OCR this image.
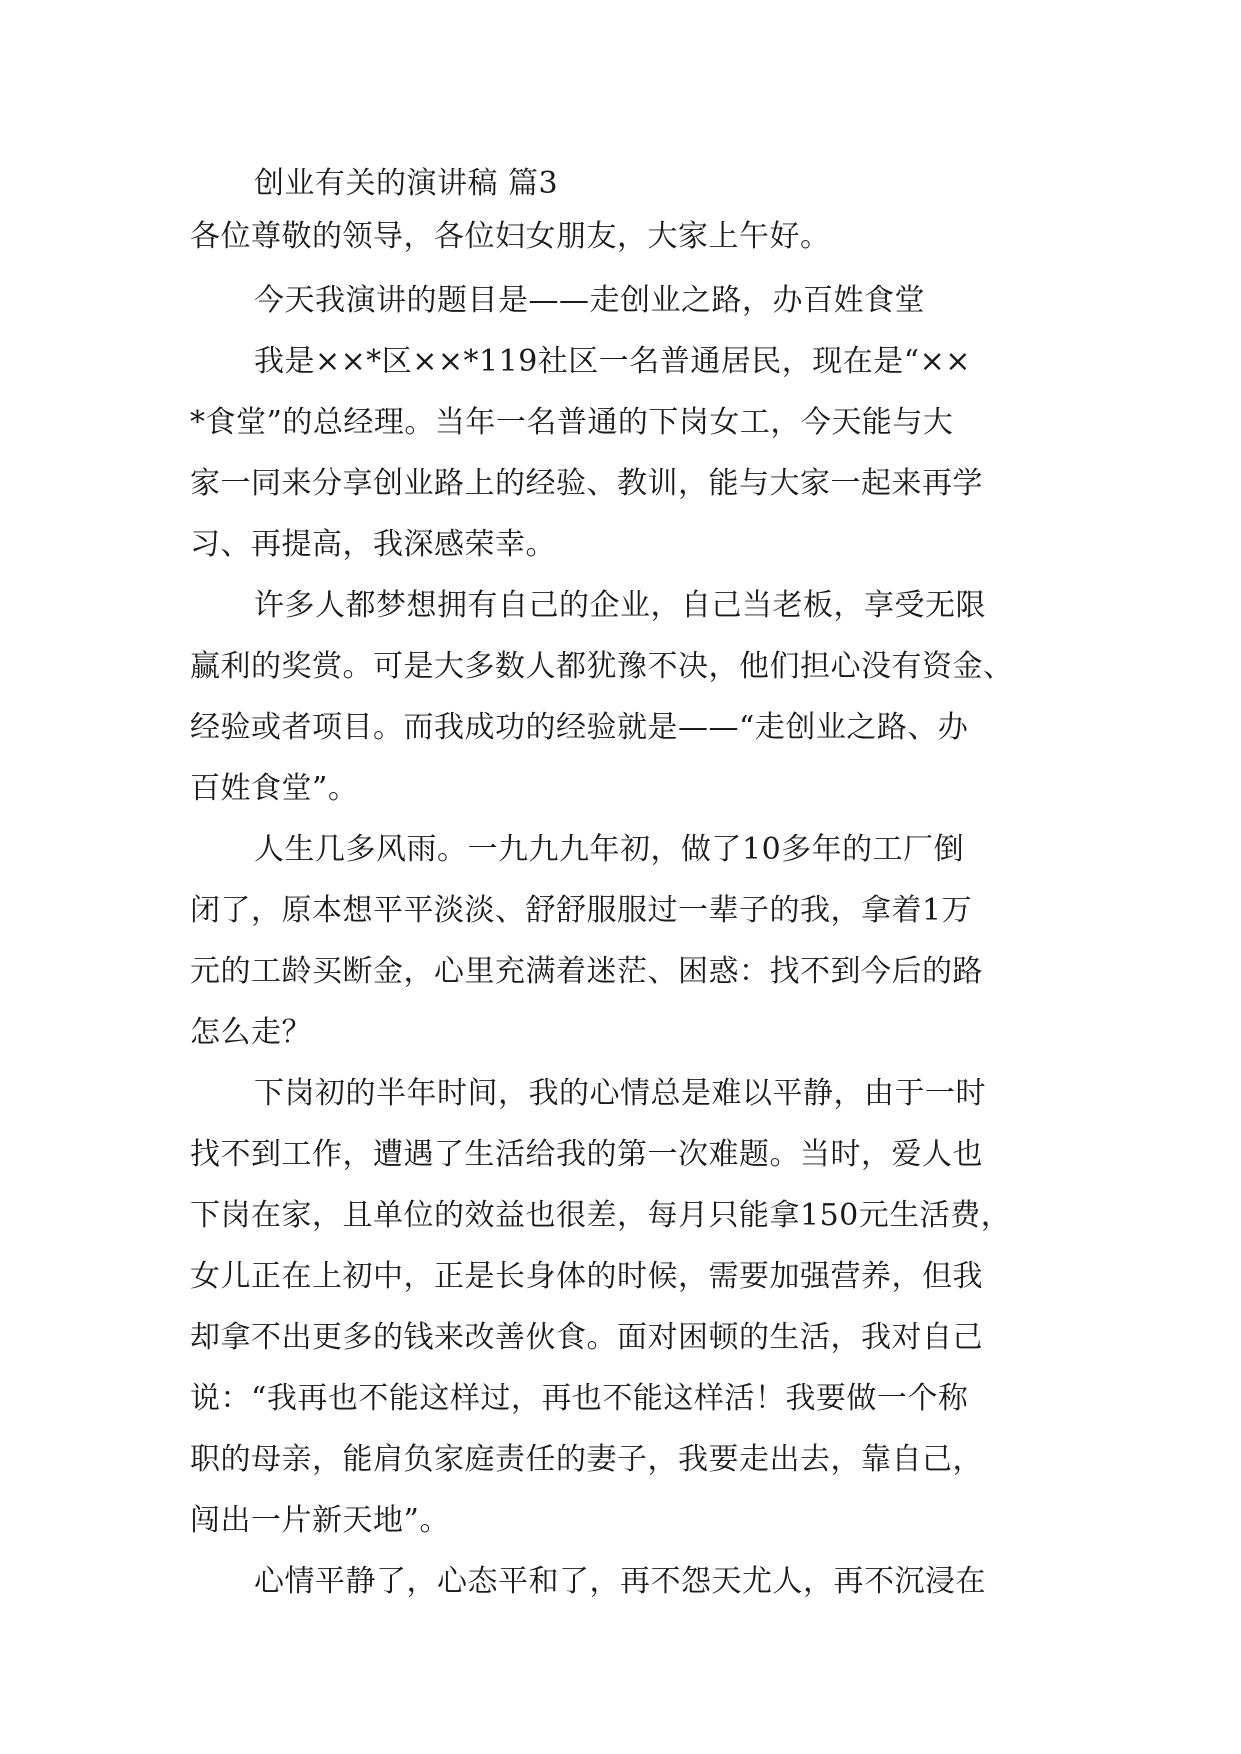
创业有关的演讲稿 篇3
各位尊敬的领导，各位妇女朋友，大家上午好。
今天我演讲的题目是——走创业之路，办百姓食堂
我是××*区××*119社区一名普通居民，现在是“××
*食堂”的总经理。当年一名普通的下岗女工，今天能与大
家一同来分享创业路上的经验、教训，能与大家一起来再学
习、再提高，我深感荣幸。
许多人都梦想拥有自己的企业，自己当老板，享受无限
赢利的奖赏。可是大多数人都犹豫不决，他们担心没有资金、
经验或者项目。而我成功的经验就是——“走创业之路、办
百姓食堂”。
人生几多风雨。一九九九年初，做了10多年的工厂倒
闭了，原本想平平淡淡、舒舒服服过一辈子的我，拿着1万
元的工龄买断金，心里充满着迷茫、困惑：找不到今后的路
怎么走？
下岗初的半年时间，我的心情总是难以平静，由于一时
找不到工作，遭遇了生活给我的第一次难题。当时，爱人也
下岗在家，且单位的效益也很差，每月只能拿150元生活费，
女儿正在上初中，正是长身体的时候，需要加强营养，但我
却拿不出更多的钱来改善伙食。面对困顿的生活，我对自己
说：“我再也不能这样过，再也不能这样活！我要做一个称
职的母亲，能肩负家庭责任的妻子，我要走出去，靠自己，
闯出一片新天地”。
心情平静了，心态平和了，再不怨天尤人，再不沉浸在
